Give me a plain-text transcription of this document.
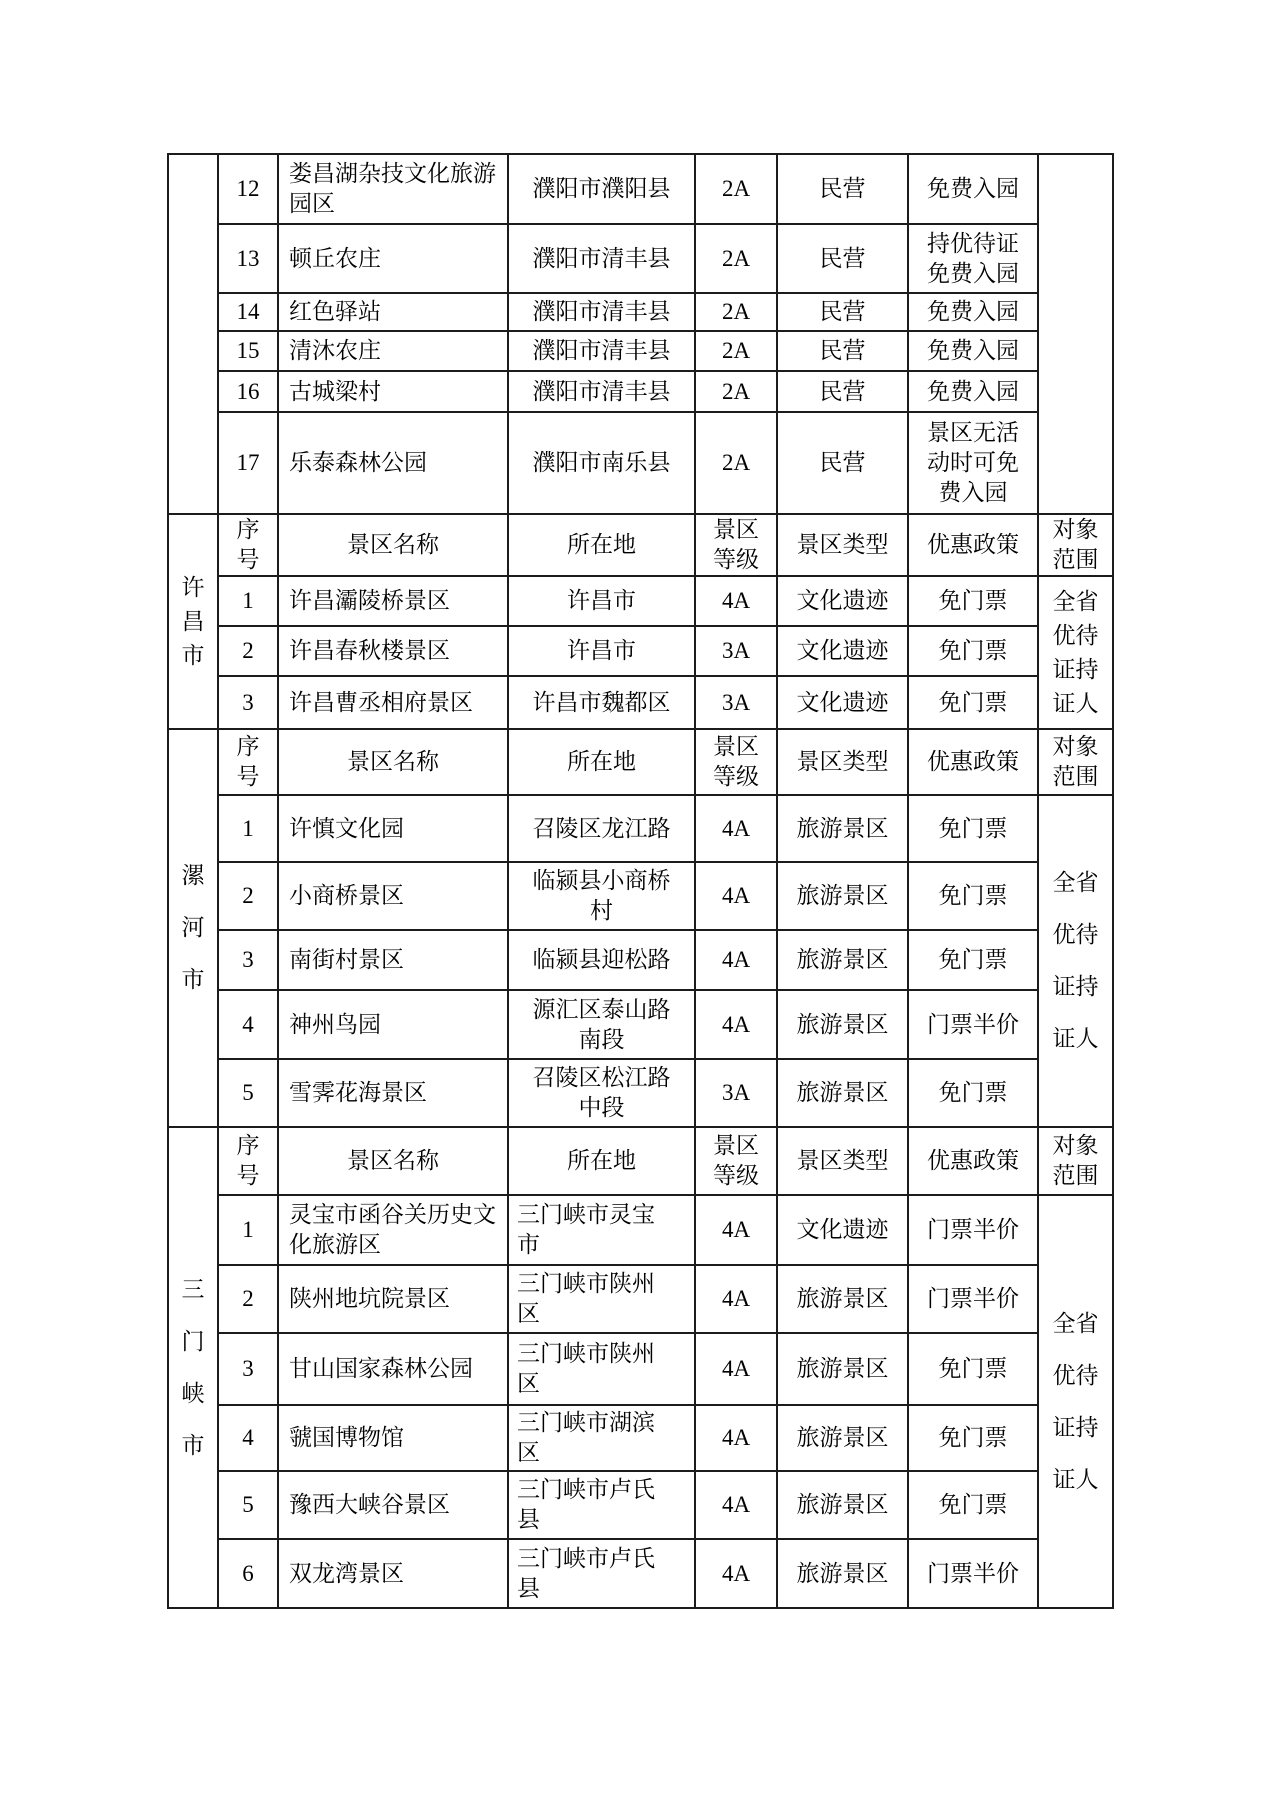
	12	娄昌湖杂技文化旅游园区	濮阳市濮阳县	2A	民营	免费入园	
	13	顿丘农庄	濮阳市清丰县	2A	民营	持优待证免费入园	
	14	红色驿站	濮阳市清丰县	2A	民营	免费入园	
	15	清沐农庄	濮阳市清丰县	2A	民营	免费入园	
	16	古城梁村	濮阳市清丰县	2A	民营	免费入园	
	17	乐泰森林公园	濮阳市南乐县	2A	民营	景区无活动时可免费入园	
许昌市	序号	景区名称	所在地	景区等级	景区类型	优惠政策	对象范围
	1	许昌灞陵桥景区	许昌市	4A	文化遗迹	免门票	全省优待证持证人
	2	许昌春秋楼景区	许昌市	3A	文化遗迹	免门票	
	3	许昌曹丞相府景区	许昌市魏都区	3A	文化遗迹	免门票	
漯河市	序号	景区名称	所在地	景区等级	景区类型	优惠政策	对象范围
	1	许慎文化园	召陵区龙江路	4A	旅游景区	免门票	全省优待证持证人
	2	小商桥景区	临颍县小商桥村	4A	旅游景区	免门票	
	3	南街村景区	临颍县迎松路	4A	旅游景区	免门票	
	4	神州鸟园	源汇区泰山路南段	4A	旅游景区	门票半价	
	5	雪霁花海景区	召陵区松江路中段	3A	旅游景区	免门票	
三门峡市	序号	景区名称	所在地	景区等级	景区类型	优惠政策	对象范围
	1	灵宝市函谷关历史文化旅游区	三门峡市灵宝市	4A	文化遗迹	门票半价	全省优待证持证人
	2	陕州地坑院景区	三门峡市陕州区	4A	旅游景区	门票半价	
	3	甘山国家森林公园	三门峡市陕州区	4A	旅游景区	免门票	
	4	虢国博物馆	三门峡市湖滨区	4A	旅游景区	免门票	
	5	豫西大峡谷景区	三门峡市卢氏县	4A	旅游景区	免门票	
	6	双龙湾景区	三门峡市卢氏县	4A	旅游景区	门票半价	
